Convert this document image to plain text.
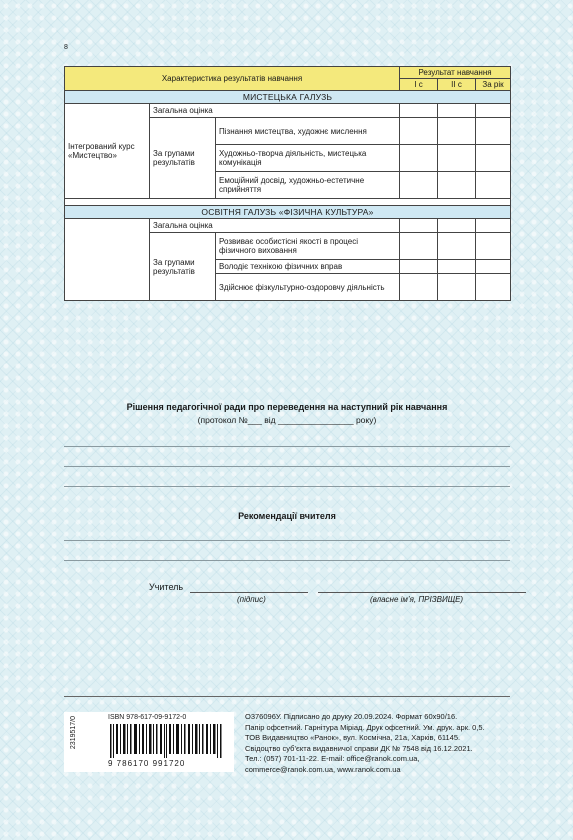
8
Характеристика результатів навчання			Результат навчання		
			І с	ІІ с	За рік
МИСТЕЦЬКА ГАЛУЗЬ					
Інтегрований курс «Мистецтво»	Загальна оцінка				
	За групами результатів	Пізнання мистецтва, художнє мислення			
		Художньо-творча діяльність, мистецька комунікація			
		Емоційний досвід, художньо-естетичне сприйняття			

ОСВІТНЯ ГАЛУЗЬ «ФІЗИЧНА КУЛЬТУРА»					
	Загальна оцінка				
	За групами результатів	Розвиває особистісні якості в процесі фізичного виховання			
		Володіє технікою фізичних вправ			
		Здійснює фізкультурно-оздоровчу діяльність			
Рішення педагогічної ради про переведення на наступний рік навчання
(протокол №___ від ________________ року)
Рекомендації вчителя
Учитель
(підпис)	(власне ім’я, ПРІЗВИЩЕ)
2319517/0	ISBN 978-617-09-9172-0
9 786170 991720
О376096У. Підписано до друку 20.09.2024. Формат 60х90/16.
Папір офсетний. Гарнітура Міріад. Друк офсетний. Ум. друк. арк. 0,5.
ТОВ Видавництво «Ранок», вул. Космічна, 21а, Харків, 61145.
Свідоцтво суб’єкта видавничої справи ДК № 7548 від 16.12.2021.
Тел.: (057) 701-11-22. E-mail: office@ranok.com.ua,
commerce@ranok.com.ua, www.ranok.com.ua
